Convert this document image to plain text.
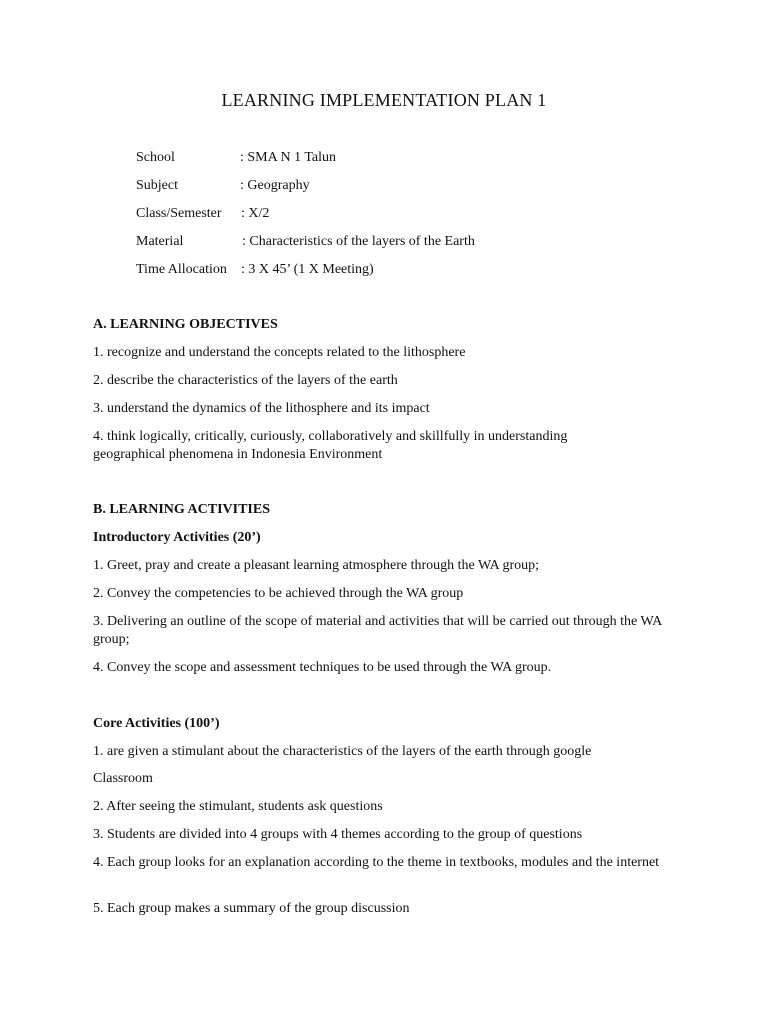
LEARNING IMPLEMENTATION PLAN 1
School	: SMA N 1 Talun
Subject	: Geography
Class/Semester : X/2
Material	: Characteristics of the layers of the Earth
Time Allocation : 3 X 45’ (1 X Meeting)
A. LEARNING OBJECTIVES
1. recognize and understand the concepts related to the lithosphere
2. describe the characteristics of the layers of the earth
3. understand the dynamics of the lithosphere and its impact
4. think logically, critically, curiously, collaboratively and skillfully in understanding geographical phenomena in Indonesia Environment
B. LEARNING ACTIVITIES
Introductory Activities (20’)
1. Greet, pray and create a pleasant learning atmosphere through the WA group;
2. Convey the competencies to be achieved through the WA group
3. Delivering an outline of the scope of material and activities that will be carried out through the WA group;
4. Convey the scope and assessment techniques to be used through the WA group.
Core Activities (100’)
1. are given a stimulant about the characteristics of the layers of the earth through google
Classroom
2. After seeing the stimulant, students ask questions
3. Students are divided into 4 groups with 4 themes according to the group of questions
4. Each group looks for an explanation according to the theme in textbooks, modules and the internet
5. Each group makes a summary of the group discussion
